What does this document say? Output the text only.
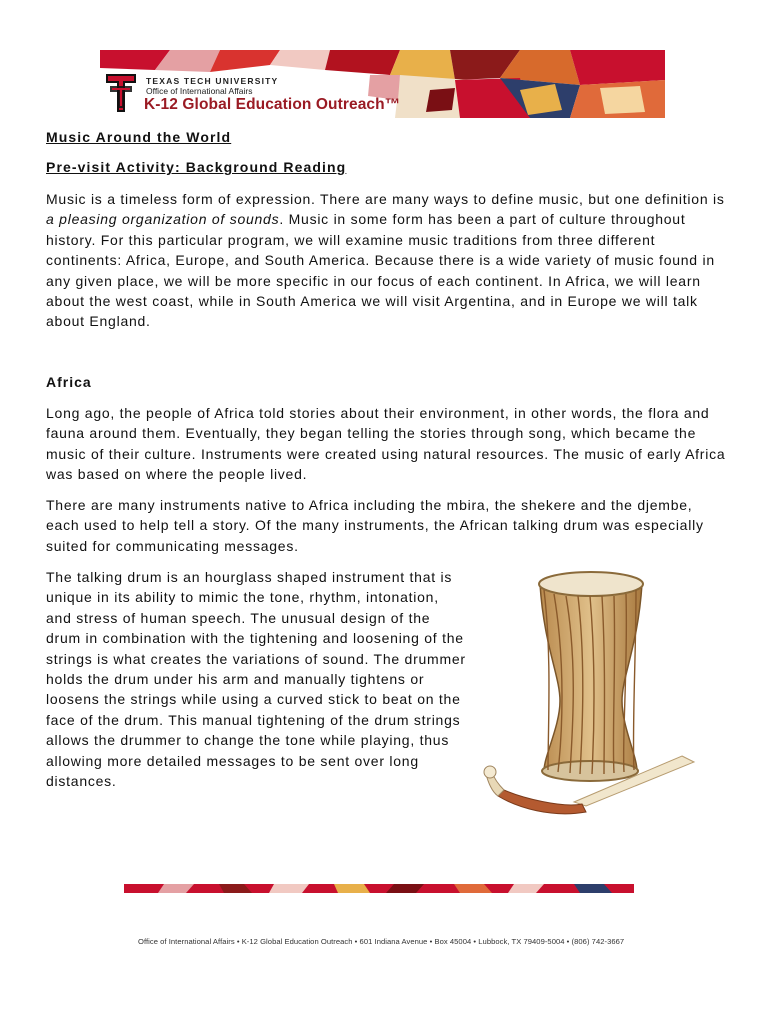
TEXAS TECH UNIVERSITY
Office of International Affairs
K-12 Global Education Outreach™
Music Around the World
Pre-visit Activity: Background Reading

Music is a timeless form of expression. There are many ways to define music, but one definition is a pleasing organization of sounds. Music in some form has been a part of culture throughout history. For this particular program, we will examine music traditions from three different continents: Africa, Europe, and South America. Because there is a wide variety of music found in any given place, we will be more specific in our focus of each continent. In Africa, we will learn about the west coast, while in South America we will visit Argentina, and in Europe we will talk about England.

Africa

Long ago, the people of Africa told stories about their environment, in other words, the flora and fauna around them. Eventually, they began telling the stories through song, which became the music of their culture. Instruments were created using natural resources. The music of early Africa was based on where the people lived.

There are many instruments native to Africa including the mbira, the shekere and the djembe, each used to help tell a story. Of the many instruments, the African talking drum was especially suited for communicating messages.

The talking drum is an hourglass shaped instrument that is unique in its ability to mimic the tone, rhythm, intonation, and stress of human speech. The unusual design of the drum in combination with the tightening and loosening of the strings is what creates the variations of sound. The drummer holds the drum under his arm and manually tightens or loosens the strings while using a curved stick to beat on the face of the drum. This manual tightening of the drum strings allows the drummer to change the tone while playing, thus allowing more detailed messages to be sent over long distances.

Office of International Affairs • K-12 Global Education Outreach • 601 Indiana Avenue • Box 45004 • Lubbock, TX 79409-5004 • (806) 742-3667
